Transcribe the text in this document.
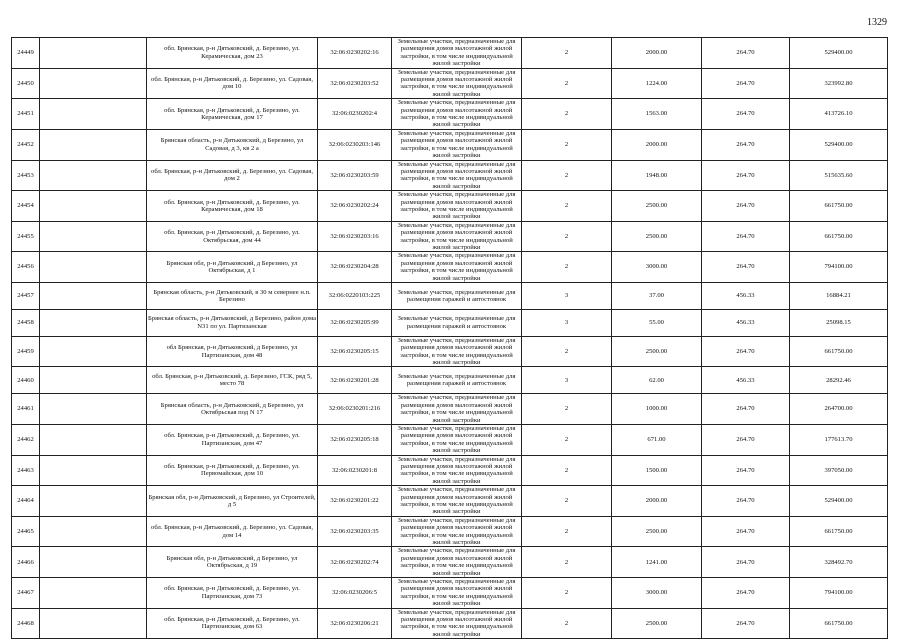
1329
24449		обл. Брянская, р-н Дятьковский, д. Березино, ул. Керамическая, дом 23	32:06:0230202:16	Земельные участки, предназначенные для размещения домов малоэтажной жилой застройки, в том числе индивидуальной жилой застройки	2	2000.00	264.70	529400.00
24450		обл. Брянская, р-н Дятьковский, д. Березино, ул. Садовая, дом 10	32:06:0230203:52	Земельные участки, предназначенные для размещения домов малоэтажной жилой застройки, в том числе индивидуальной жилой застройки	2	1224.00	264.70	323992.80
24451		обл. Брянская, р-н Дятьковский, д. Березино, ул. Керамическая, дом 17	32:06:0230202:4	Земельные участки, предназначенные для размещения домов малоэтажной жилой застройки, в том числе индивидуальной жилой застройки	2	1563.00	264.70	413726.10
24452		Брянская область, р-н Дятьковский, д Березино, ул Садовая, д 3, кв 2 а	32:06:0230203:146	Земельные участки, предназначенные для размещения домов малоэтажной жилой застройки, в том числе индивидуальной жилой застройки	2	2000.00	264.70	529400.00
24453		обл. Брянская, р-н Дятьковский, д. Березино, ул. Садовая, дом 2	32:06:0230203:59	Земельные участки, предназначенные для размещения домов малоэтажной жилой застройки, в том числе индивидуальной жилой застройки	2	1948.00	264.70	515635.60
24454		обл. Брянская, р-н Дятьковский, д. Березино, ул. Керамическая, дом 18	32:06:0230202:24	Земельные участки, предназначенные для размещения домов малоэтажной жилой застройки, в том числе индивидуальной жилой застройки	2	2500.00	264.70	661750.00
24455		обл. Брянская, р-н Дятьковский, д. Березино, ул. Октябрьская, дом 44	32:06:0230203:16	Земельные участки, предназначенные для размещения домов малоэтажной жилой застройки, в том числе индивидуальной жилой застройки	2	2500.00	264.70	661750.00
24456		Брянская обл, р-н Дятьковский, д Березино, ул Октябрьская, д 1	32:06:0230204:28	Земельные участки, предназначенные для размещения домов малоэтажной жилой застройки, в том числе индивидуальной жилой застройки	2	3000.00	264.70	794100.00
24457		Брянская область, р-н Дятьковский, в 30 м севернее н.п. Березино	32:06:0220103:225	Земельные участки, предназначенные для размещения гаражей и автостоянок	3	37.00	456.33	16884.21
24458		Брянская область, р-н Дятьковский, д Березино, район дома N31 по ул. Партизанская	32:06:0230205:99	Земельные участки, предназначенные для размещения гаражей и автостоянок	3	55.00	456.33	25098.15
24459		обл Брянская, р-н Дятьковский, д Березино, ул Партизанская, дом 48	32:06:0230205:15	Земельные участки, предназначенные для размещения домов малоэтажной жилой застройки, в том числе индивидуальной жилой застройки	2	2500.00	264.70	661750.00
24460		обл. Брянская, р-н Дятьковский, д. Березино, ГСК, ряд 5, место 78	32:06:0230201:28	Земельные участки, предназначенные для размещения гаражей и автостоянок	3	62.00	456.33	28292.46
24461		Брянская область, р-н Дятьковский, д Березино, ул Октябрьская под N 17	32:06:0230201:216	Земельные участки, предназначенные для размещения домов малоэтажной жилой застройки, в том числе индивидуальной жилой застройки	2	1000.00	264.70	264700.00
24462		обл. Брянская, р-н Дятьковский, д. Березино, ул. Партизанская, дом 47	32:06:0230205:18	Земельные участки, предназначенные для размещения домов малоэтажной жилой застройки, в том числе индивидуальной жилой застройки	2	671.00	264.70	177613.70
24463		обл. Брянская, р-н Дятьковский, д. Березино, ул. Первомайская, дом 10	32:06:0230201:8	Земельные участки, предназначенные для размещения домов малоэтажной жилой застройки, в том числе индивидуальной жилой застройки	2	1500.00	264.70	397050.00
24464		Брянская обл, р-н Дятьковский, д Березино, ул Строителей, д 5	32:06:0230201:22	Земельные участки, предназначенные для размещения домов малоэтажной жилой застройки, в том числе индивидуальной жилой застройки	2	2000.00	264.70	529400.00
24465		обл. Брянская, р-н Дятьковский, д. Березино, ул. Садовая, дом 14	32:06:0230203:35	Земельные участки, предназначенные для размещения домов малоэтажной жилой застройки, в том числе индивидуальной жилой застройки	2	2500.00	264.70	661750.00
24466		Брянская обл, р-н Дятьковский, д Березино, ул Октябрьская, д 19	32:06:0230202:74	Земельные участки, предназначенные для размещения домов малоэтажной жилой застройки, в том числе индивидуальной жилой застройки	2	1241.00	264.70	328492.70
24467		обл. Брянская, р-н Дятьковский, д. Березино, ул. Партизанская, дом 73	32:06:0230206:5	Земельные участки, предназначенные для размещения домов малоэтажной жилой застройки, в том числе индивидуальной жилой застройки	2	3000.00	264.70	794100.00
24468		обл. Брянская, р-н Дятьковский, д. Березино, ул. Партизанская, дом 63	32:06:0230206:21	Земельные участки, предназначенные для размещения домов малоэтажной жилой застройки, в том числе индивидуальной жилой застройки	2	2500.00	264.70	661750.00
